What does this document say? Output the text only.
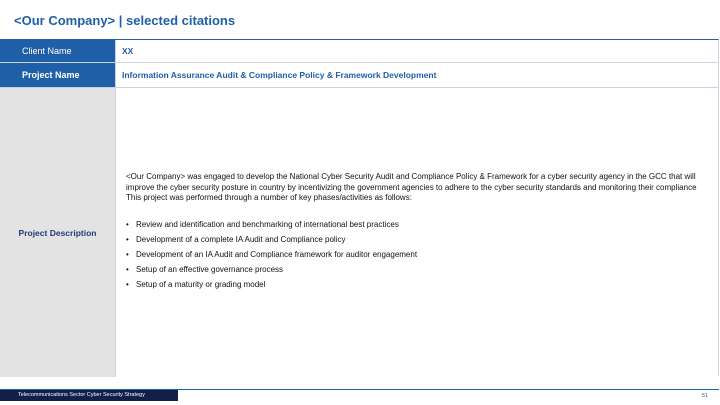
<Our Company> | selected citations
Client Name	XX
Project Name	Information Assurance Audit & Compliance Policy & Framework Development
Project Description

<Our Company> was engaged to develop the National Cyber Security Audit and Compliance Policy & Framework for a cyber security agency in the GCC that will improve the cyber security posture in country by incentivizing the government agencies to adhere to the cyber security standards and monitoring their compliance This project was performed through a number of key phases/activities as follows:

• Review and identification and benchmarking of international best practices
• Development of a complete IA Audit and Compliance policy
• Development of an IA Audit and Compliance framework for auditor engagement
• Setup of an effective governance process
• Setup of a maturity or grading model
Telecommunications Sector Cyber Security Strategy	51
